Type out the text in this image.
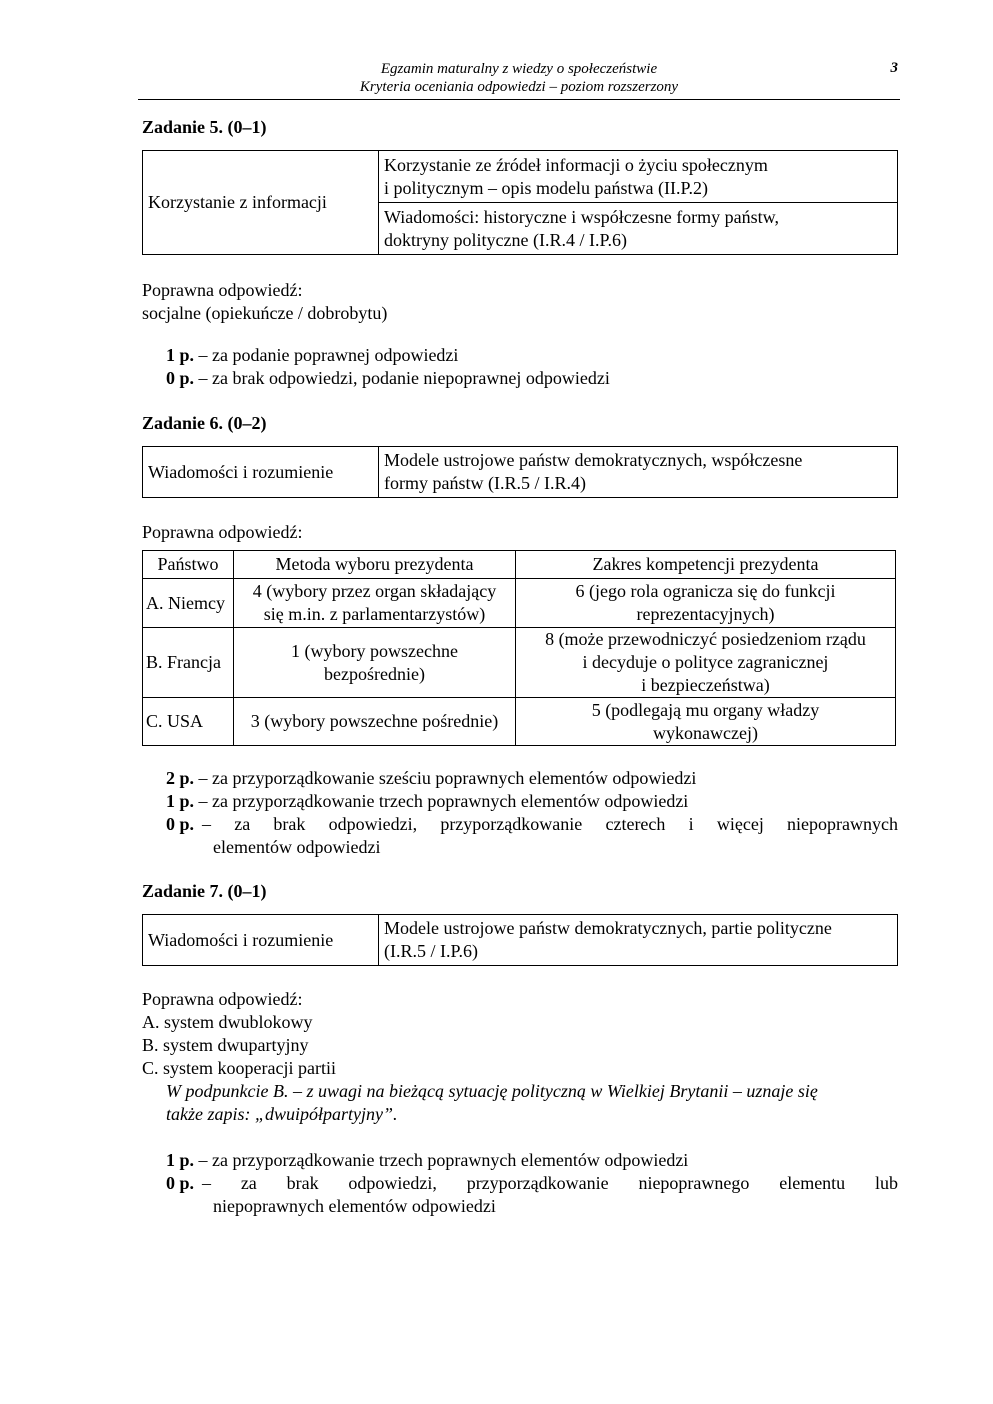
Egzamin maturalny z wiedzy o społeczeństwie
Kryteria oceniania odpowiedzi – poziom rozszerzony
3
Zadanie 5. (0–1)
Korzystanie z informacji	Korzystanie ze źródeł informacji o życiu społecznym
i politycznym – opis modelu państwa (II.P.2)
Wiadomości: historyczne i współczesne formy państw,
doktryny polityczne (I.R.4 / I.P.6)
Poprawna odpowiedź:
socjalne (opiekuńcze / dobrobytu)
1 p. – za podanie poprawnej odpowiedzi
0 p. – za brak odpowiedzi, podanie niepoprawnej odpowiedzi
Zadanie 6. (0–2)
Wiadomości i rozumienie	Modele ustrojowe państw demokratycznych, współczesne
formy państw (I.R.5 / I.R.4)
Poprawna odpowiedź:
Państwo	Metoda wyboru prezydenta	Zakres kompetencji prezydenta
A. Niemcy	4 (wybory przez organ składający
się m.in. z parlamentarzystów)	6 (jego rola ogranicza się do funkcji
reprezentacyjnych)
B. Francja	1 (wybory powszechne
bezpośrednie)	8 (może przewodniczyć posiedzeniom rządu
i decyduje o polityce zagranicznej
i bezpieczeństwa)
C. USA	3 (wybory powszechne pośrednie)	5 (podlegają mu organy władzy
wykonawczej)
2 p. – za przyporządkowanie sześciu poprawnych elementów odpowiedzi
1 p. – za przyporządkowanie trzech poprawnych elementów odpowiedzi
0 p. – za brak odpowiedzi, przyporządkowanie czterech i więcej niepoprawnych
elementów odpowiedzi
Zadanie 7. (0–1)
Wiadomości i rozumienie	Modele ustrojowe państw demokratycznych, partie polityczne
(I.R.5 / I.P.6)
Poprawna odpowiedź:
A. system dwublokowy
B. system dwupartyjny
C. system kooperacji partii
W podpunkcie B. – z uwagi na bieżącą sytuację polityczną w Wielkiej Brytanii – uznaje się
także zapis: „dwuipółpartyjny”.
1 p. – za przyporządkowanie trzech poprawnych elementów odpowiedzi
0 p. – za brak odpowiedzi, przyporządkowanie niepoprawnego elementu lub
niepoprawnych elementów odpowiedzi
